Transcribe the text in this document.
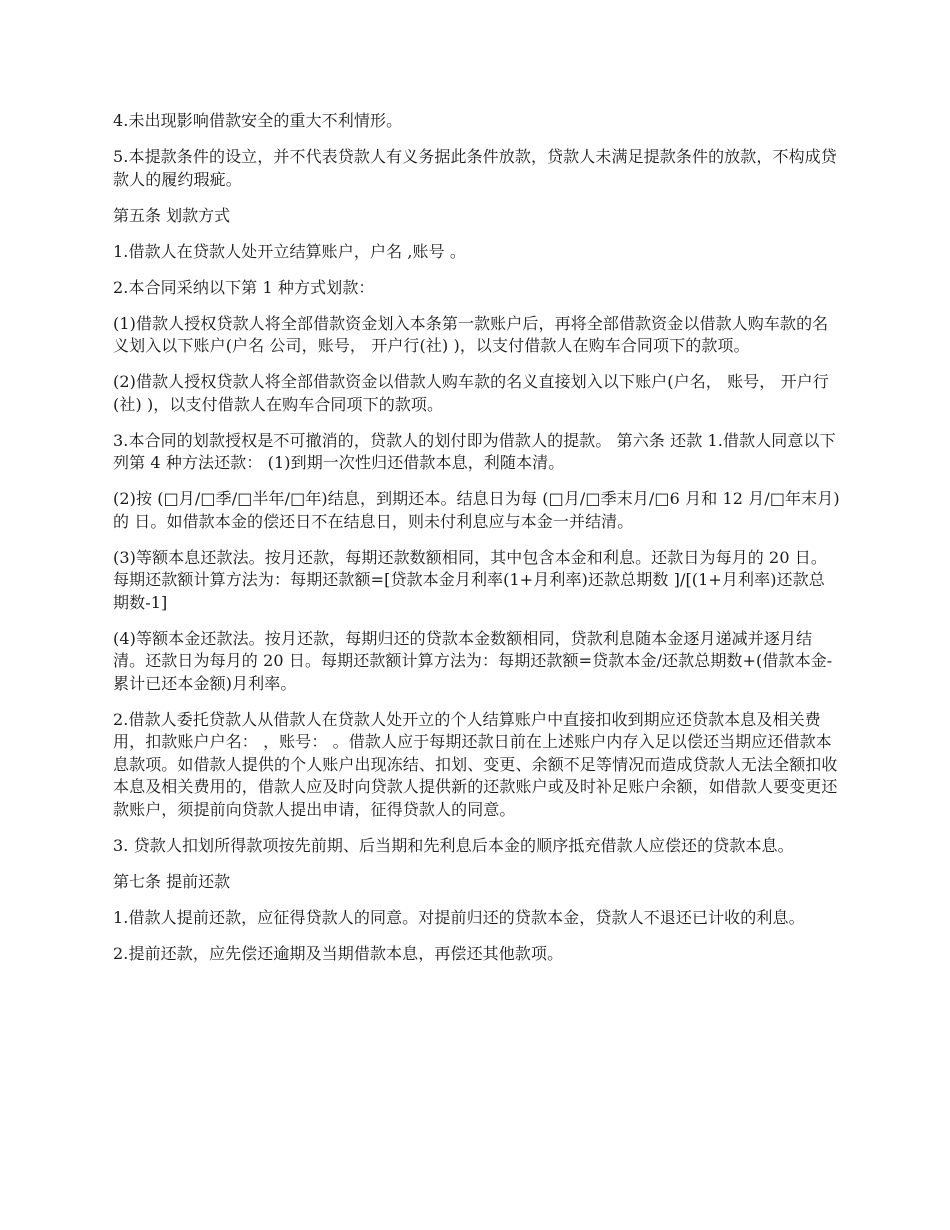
4.未出现影响借款安全的重大不利情形。

5.本提款条件的设立，并不代表贷款人有义务据此条件放款，贷款人未满足提款条件的放款，不构成贷款人的履约瑕疵。

第五条 划款方式

1.借款人在贷款人处开立结算账户，户名 ,账号 。

2.本合同采纳以下第 1 种方式划款：

(1)借款人授权贷款人将全部借款资金划入本条第一款账户后，再将全部借款资金以借款人购车款的名义划入以下账户(户名 公司，账号， 开户行(社) )，以支付借款人在购车合同项下的款项。

(2)借款人授权贷款人将全部借款资金以借款人购车款的名义直接划入以下账户(户名， 账号， 开户行(社) )，以支付借款人在购车合同项下的款项。

3.本合同的划款授权是不可撤消的，贷款人的划付即为借款人的提款。 第六条 还款 1.借款人同意以下列第 4 种方法还款： (1)到期一次性归还借款本息，利随本清。

(2)按 (□月/□季/□半年/□年)结息，到期还本。结息日为每 (□月/□季末月/□6 月和 12 月/□年末月)的 日。如借款本金的偿还日不在结息日，则未付利息应与本金一并结清。

(3)等额本息还款法。按月还款，每期还款数额相同，其中包含本金和利息。还款日为每月的 20 日。每期还款额计算方法为：每期还款额=[贷款本金月利率(1+月利率)还款总期数 ]/[(1+月利率)还款总期数-1]

(4)等额本金还款法。按月还款，每期归还的贷款本金数额相同，贷款利息随本金逐月递减并逐月结清。还款日为每月的 20 日。每期还款额计算方法为：每期还款额=贷款本金/还款总期数+(借款本金-累计已还本金额)月利率。

2.借款人委托贷款人从借款人在贷款人处开立的个人结算账户中直接扣收到期应还贷款本息及相关费用，扣款账户户名： ，账号： 。借款人应于每期还款日前在上述账户内存入足以偿还当期应还借款本息款项。如借款人提供的个人账户出现冻结、扣划、变更、余额不足等情况而造成贷款人无法全额扣收本息及相关费用的，借款人应及时向贷款人提供新的还款账户或及时补足账户余额，如借款人要变更还款账户，须提前向贷款人提出申请，征得贷款人的同意。

3. 贷款人扣划所得款项按先前期、后当期和先利息后本金的顺序抵充借款人应偿还的贷款本息。

第七条 提前还款

1.借款人提前还款，应征得贷款人的同意。对提前归还的贷款本金，贷款人不退还已计收的利息。

2.提前还款，应先偿还逾期及当期借款本息，再偿还其他款项。
